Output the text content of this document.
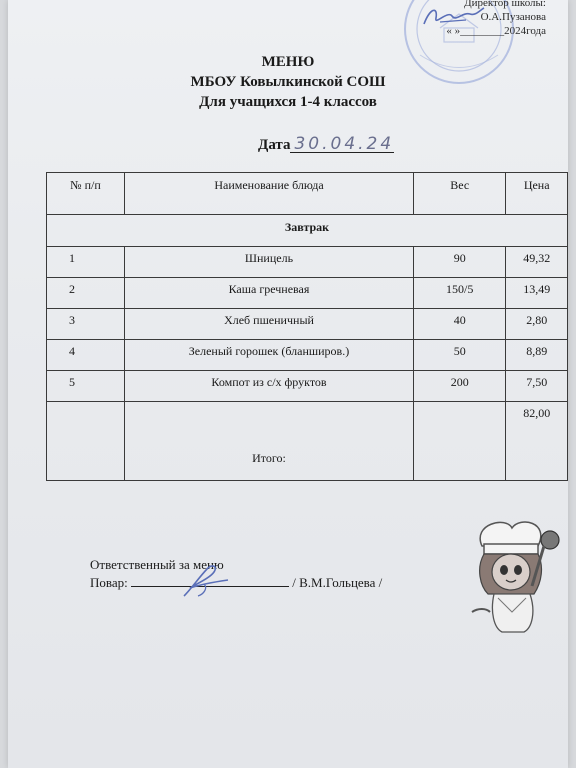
Директор школы:
О.А.Пузанова
« »________2024года
МЕНЮ
МБОУ Ковылкинской СОШ
Для учащихся 1-4 классов
Дата 30.04.24
№ п/п	Наименование блюда	Вес	Цена
Завтрак			
1	Шницель	90	49,32
2	Каша гречневая	150/5	13,49
3	Хлеб пшеничный	40	2,80
4	Зеленый горошек (бланширов.)	50	8,89
5	Компот из с/х фруктов	200	7,50
	Итого:		82,00
Ответственный за меню
Повар:	/ В.М.Гольцева /
